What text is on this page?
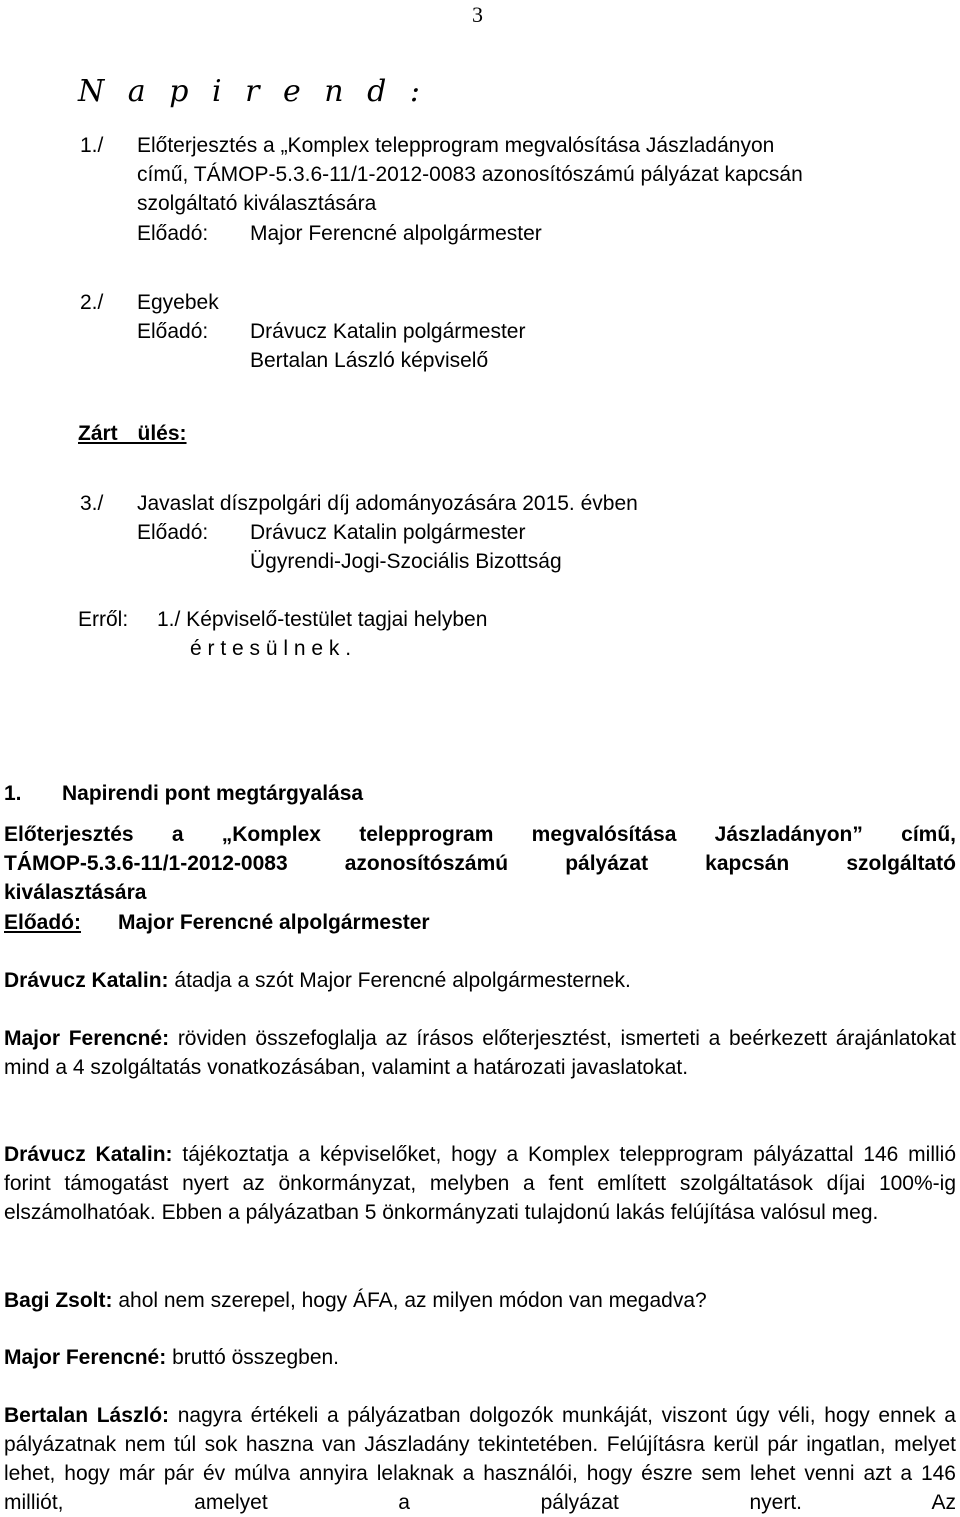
3
N a p i r e n d :
1./ Előterjesztés a „Komplex telepprogram megvalósítása Jászladányon
című, TÁMOP-5.3.6-11/1-2012-0083 azonosítószámú pályázat kapcsán
szolgáltató kiválasztására
Előadó: Major Ferencné alpolgármester
2./ Egyebek
Előadó: Drávucz Katalin polgármester
Bertalan László képviselő
Zárt ülés:
3./ Javaslat díszpolgári díj adományozására 2015. évben
Előadó: Drávucz Katalin polgármester
Ügyrendi-Jogi-Szociális Bizottság
Erről: 1./ Képviselő-testület tagjai helyben
é r t e s ü l n e k .
1. Napirendi pont megtárgyalása
Előterjesztés a „Komplex telepprogram megvalósítása Jászladányon” című,
TÁMOP-5.3.6-11/1-2012-0083 azonosítószámú pályázat kapcsán szolgáltató
kiválasztására
Előadó: Major Ferencné alpolgármester
Drávucz Katalin: átadja a szót Major Ferencné alpolgármesternek.
Major Ferencné: röviden összefoglalja az írásos előterjesztést, ismerteti a beérkezett árajánlatokat mind a 4 szolgáltatás vonatkozásában, valamint a határozati javaslatokat.
Drávucz Katalin: tájékoztatja a képviselőket, hogy a Komplex telepprogram pályázattal 146 millió forint támogatást nyert az önkormányzat, melyben a fent említett szolgáltatások díjai 100%-ig elszámolhatóak. Ebben a pályázatban 5 önkormányzati tulajdonú lakás felújítása valósul meg.
Bagi Zsolt: ahol nem szerepel, hogy ÁFA, az milyen módon van megadva?
Major Ferencné: bruttó összegben.
Bertalan László: nagyra értékeli a pályázatban dolgozók munkáját, viszont úgy véli, hogy ennek a pályázatnak nem túl sok haszna van Jászladány tekintetében. Felújításra kerül pár ingatlan, melyet lehet, hogy már pár év múlva annyira lelaknak a használói, hogy észre sem lehet venni azt a 146 milliót, amelyet a pályázat nyert. Az
